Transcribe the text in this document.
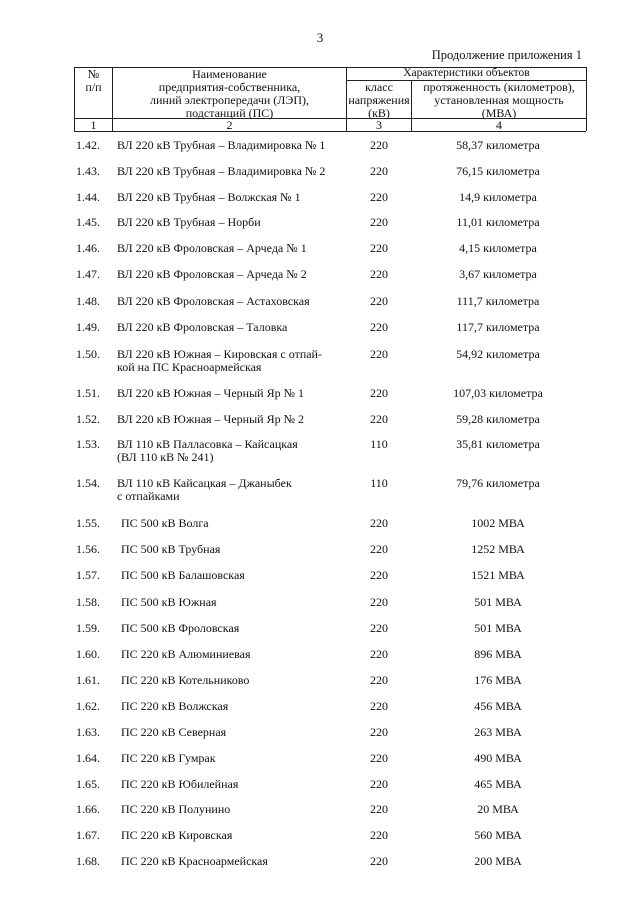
3
Продолжение приложения 1
№
п/п
Наименование
предприятия-собственника,
линий электропередачи (ЛЭП),
подстанций (ПС)
Характеристики объектов
класс
напряжения
(кВ)
протяженность (километров),
установленная мощность
(МВА)
1	2	3	4
1.42.	ВЛ 220 кВ Трубная – Владимировка № 1	220	58,37 километра
1.43.	ВЛ 220 кВ Трубная – Владимировка № 2	220	76,15 километра
1.44.	ВЛ 220 кВ Трубная – Волжская № 1	220	14,9 километра
1.45.	ВЛ 220 кВ Трубная – Норби	220	11,01 километра
1.46.	ВЛ 220 кВ Фроловская – Арчеда № 1	220	4,15 километра
1.47.	ВЛ 220 кВ Фроловская – Арчеда № 2	220	3,67 километра
1.48.	ВЛ 220 кВ Фроловская – Астаховская	220	111,7 километра
1.49.	ВЛ 220 кВ Фроловская – Таловка	220	117,7 километра
1.50.	ВЛ 220 кВ Южная – Кировская с отпай-
кой на ПС Красноармейская
220	54,92 километра
1.51.	ВЛ 220 кВ Южная – Черный Яр № 1	220	107,03 километра
1.52.	ВЛ 220 кВ Южная – Черный Яр № 2	220	59,28 километра
1.53.	ВЛ 110 кВ Палласовка – Кайсацкая
(ВЛ 110 кВ № 241)
110	35,81 километра
1.54.	ВЛ 110 кВ Кайсацкая – Джаныбек
с отпайками
110	79,76 километра
1.55.	ПС 500 кВ Волга	220	1002 МВА
1.56.	ПС 500 кВ Трубная	220	1252 МВА
1.57.	ПС 500 кВ Балашовская	220	1521 МВА
1.58.	ПС 500 кВ Южная	220	501 МВА
1.59.	ПС 500 кВ Фроловская	220	501 МВА
1.60.	ПС 220 кВ Алюминиевая	220	896 МВА
1.61.	ПС 220 кВ Котельниково	220	176 МВА
1.62.	ПС 220 кВ Волжская	220	456 МВА
1.63.	ПС 220 кВ Северная	220	263 МВА
1.64.	ПС 220 кВ Гумрак	220	490 МВА
1.65.	ПС 220 кВ Юбилейная	220	465 МВА
1.66.	ПС 220 кВ Полунино	220	20 МВА
1.67.	ПС 220 кВ Кировская	220	560 МВА
1.68.	ПС 220 кВ Красноармейская	220	200 МВА
